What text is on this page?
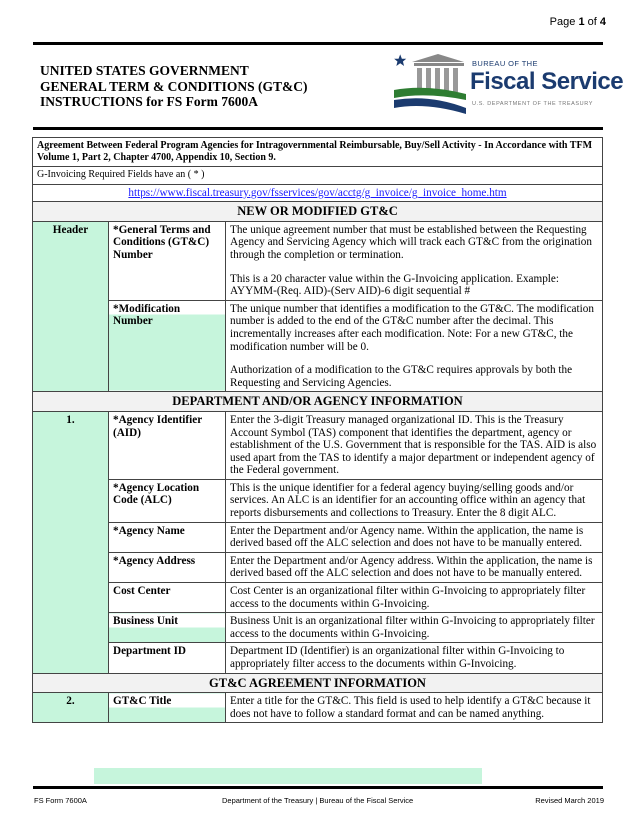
Page 1 of 4
UNITED STATES GOVERNMENT
GENERAL TERM & CONDITIONS (GT&C)
INSTRUCTIONS for FS Form 7600A
BUREAU OF THE
Fiscal Service
U.S. DEPARTMENT OF THE TREASURY
Agreement Between Federal Program Agencies for Intragovernmental Reimbursable, Buy/Sell Activity - In Accordance with TFM Volume 1, Part 2, Chapter 4700, Appendix 10, Section 9.		
G-Invoicing Required Fields have an ( * )		
https://www.fiscal.treasury.gov/fsservices/gov/acctg/g_invoice/g_invoice_home.htm		
NEW OR MODIFIED GT&C		
Header	*General Terms and Conditions (GT&C) Number	The unique agreement number that must be established between the Requesting Agency and Servicing Agency which will track each GT&C from the origination through the completion or termination.

This is a 20 character value within the G-Invoicing application. Example: AYYMM-(Req. AID)-(Serv AID)-6 digit sequential #

	*Modification Number	The unique number that identifies a modification to the GT&C. The modification number is added to the end of the GT&C number after the decimal. This incrementally increases after each modification. Note: For a new GT&C, the modification number will be 0.

Authorization of a modification to the GT&C requires approvals by both the Requesting and Servicing Agencies.

DEPARTMENT AND/OR AGENCY INFORMATION		
1.	*Agency Identifier (AID)	Enter the 3-digit Treasury managed organizational ID. This is the Treasury Account Symbol (TAS) component that identifies the department, agency or establishment of the U.S. Government that is responsible for the TAS. AID is also used apart from the TAS to identify a major department or independent agency of the Federal government.
	*Agency Location Code (ALC)	This is the unique identifier for a federal agency buying/selling goods and/or services. An ALC is an identifier for an accounting office within an agency that reports disbursements and collections to Treasury. Enter the 8 digit ALC.
	*Agency Name	Enter the Department and/or Agency name. Within the application, the name is derived based off the ALC selection and does not have to be manually entered.
	*Agency Address	Enter the Department and/or Agency address. Within the application, the name is derived based off the ALC selection and does not have to be manually entered.
	Cost Center	Cost Center is an organizational filter within G-Invoicing to appropriately filter access to the documents within G-Invoicing.
	Business Unit	Business Unit is an organizational filter within G-Invoicing to appropriately filter access to the documents within G-Invoicing.
	Department ID	Department ID (Identifier) is an organizational filter within G-Invoicing to appropriately filter access to the documents within G-Invoicing.
GT&C AGREEMENT INFORMATION		
2.	GT&C Title	Enter a title for the GT&C. This field is used to help identify a GT&C because it does not have to follow a standard format and can be named anything.
FS Form 7600A	Department of the Treasury | Bureau of the Fiscal Service	Revised March 2019
